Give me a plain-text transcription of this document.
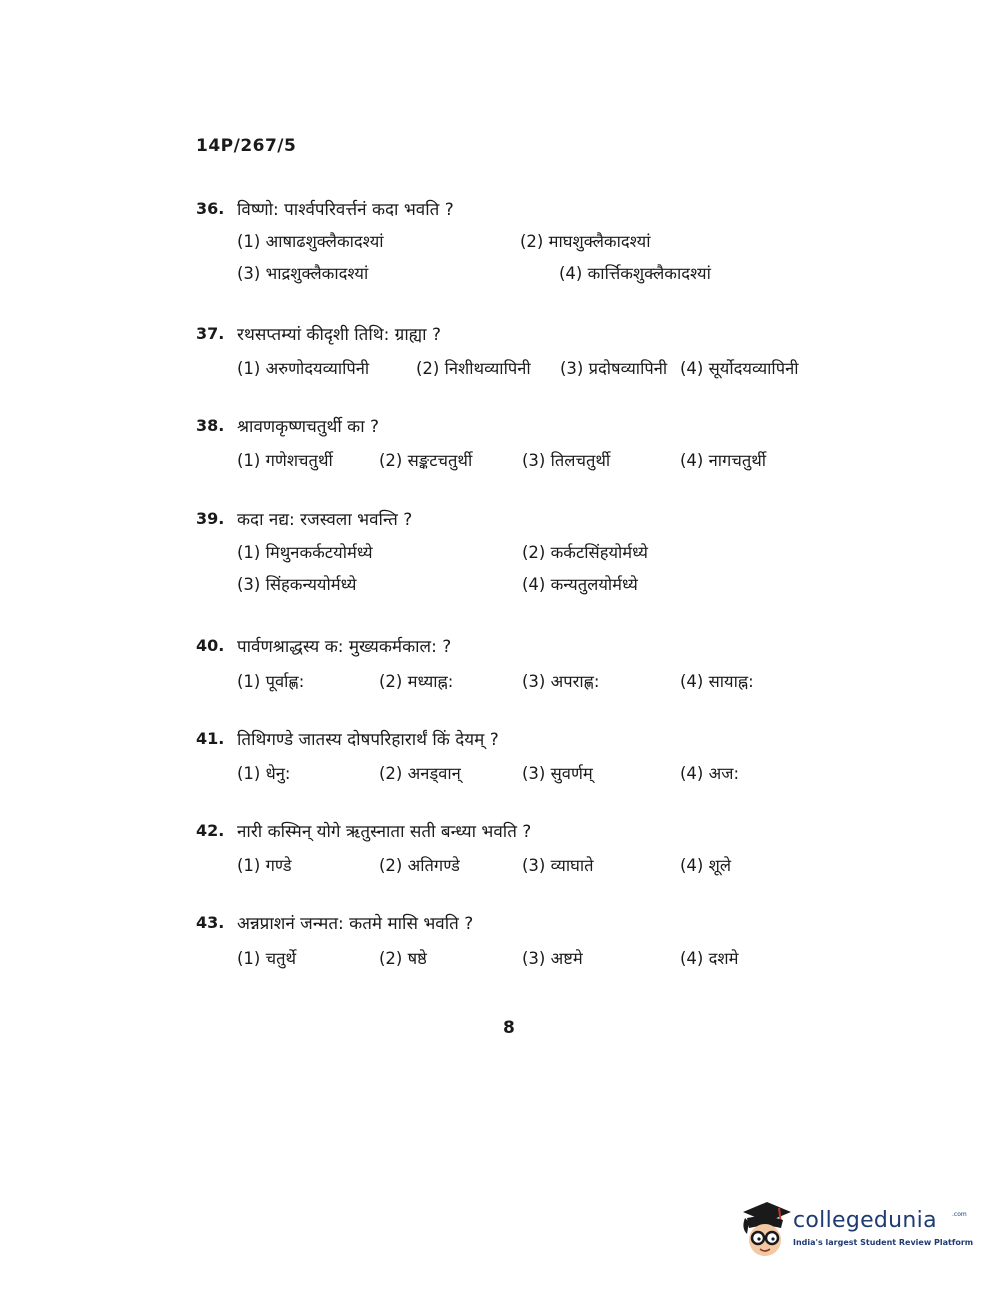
14P/267/5
36. विष्णो: पार्श्वपरिवर्त्तनं कदा भवति ?
(1) आषाढशुक्लैकादश्यां	(2) माघशुक्लैकादश्यां
(3) भाद्रशुक्लैकादश्यां	(4) कार्त्तिकशुक्लैकादश्यां
37. रथसप्तम्यां कीदृशी तिथि: ग्राह्या ?
(1) अरुणोदयव्यापिनी	(2) निशीथव्यापिनी (3) प्रदोषव्यापिनी (4) सूर्योदयव्यापिनी
38. श्रावणकृष्णचतुर्थी का ?
(1) गणेशचतुर्थी	(2) सङ्कटचतुर्थी	(3) तिलचतुर्थी	(4) नागचतुर्थी
39. कदा नद्य: रजस्वला भवन्ति ?
(1) मिथुनकर्कटयोर्मध्ये	(2) कर्कटसिंहयोर्मध्ये
(3) सिंहकन्ययोर्मध्ये	(4) कन्यतुलयोर्मध्ये
40. पार्वणश्राद्धस्य क: मुख्यकर्मकाल: ?
(1) पूर्वाह्ण:	(2) मध्याह्न:	(3) अपराह्ण:	(4) सायाह्न:
41. तिथिगण्डे जातस्य दोषपरिहारार्थं किं देयम् ?
(1) धेनु:	(2) अनड्वान्	(3) सुवर्णम्	(4) अज:
42. नारी कस्मिन् योगे ऋतुस्नाता सती बन्ध्या भवति ?
(1) गण्डे	(2) अतिगण्डे	(3) व्याघाते	(4) शूले
43. अन्नप्राशनं जन्मत: कतमे मासि भवति ?
(1) चतुर्थे	(2) षष्ठे	(3) अष्टमे	(4) दशमे
8
collegedunia	.com
India's largest Student Review Platform
